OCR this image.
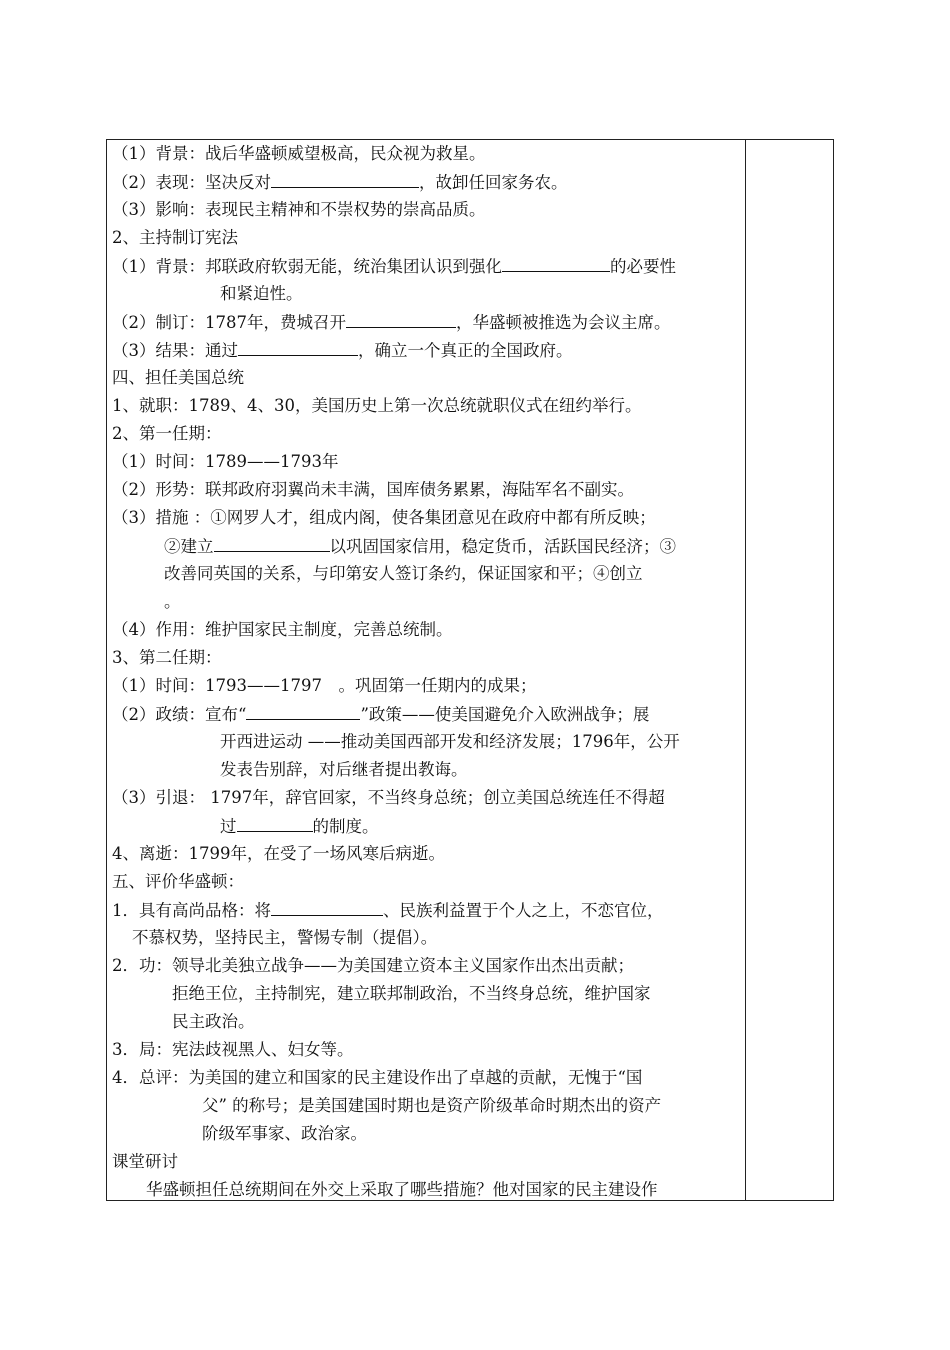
（1）背景：战后华盛顿威望极高，民众视为救星。
（2）表现：坚决反对	，故卸任回家务农。
（3）影响：表现民主精神和不崇权势的崇高品质。
2、主持制订宪法
（1）背景：邦联政府软弱无能，统治集团认识到强化	的必要性
和紧迫性。
（2）制订：1787年，费城召开	，华盛顿被推选为会议主席。
（3）结果：通过	，确立一个真正的全国政府。
四、担任美国总统
1、就职：1789、4、30，美国历史上第一次总统就职仪式在纽约举行。
2、第一任期：
（1）时间：1789——1793年
（2）形势：联邦政府羽翼尚未丰满，国库债务累累，海陆军名不副实。
（3）措施 ：①网罗人才，组成内阁，使各集团意见在政府中都有所反映；
②建立	以巩固国家信用，稳定货币，活跃国民经济；③
改善同英国的关系，与印第安人签订条约，保证国家和平；④创立
。
（4）作用：维护国家民主制度，完善总统制。
3、第二任期：
（1）时间：1793——1797　。巩固第一任期内的成果；
（2）政绩：宣布“	”政策——使美国避免介入欧洲战争；展
开西进运动 ——推动美国西部开发和经济发展；1796年，公开
发表告别辞，对后继者提出教诲。
（3）引退： 1797年，辞官回家，不当终身总统；创立美国总统连任不得超
过	的制度。
4、离逝：1799年，在受了一场风寒后病逝。
五、评价华盛顿：
1．具有高尚品格：将	、民族利益置于个人之上，不恋官位，
不慕权势，坚持民主，警惕专制（提倡）。
2．功：领导北美独立战争——为美国建立资本主义国家作出杰出贡献；
拒绝王位，主持制宪，建立联邦制政治，不当终身总统，维护国家
民主政治。
3．局：宪法歧视黑人、妇女等。
4．总评：为美国的建立和国家的民主建设作出了卓越的贡献，无愧于“国
父” 的称号；是美国建国时期也是资产阶级革命时期杰出的资产
阶级军事家、政治家。
课堂研讨
华盛顿担任总统期间在外交上采取了哪些措施？他对国家的民主建设作
